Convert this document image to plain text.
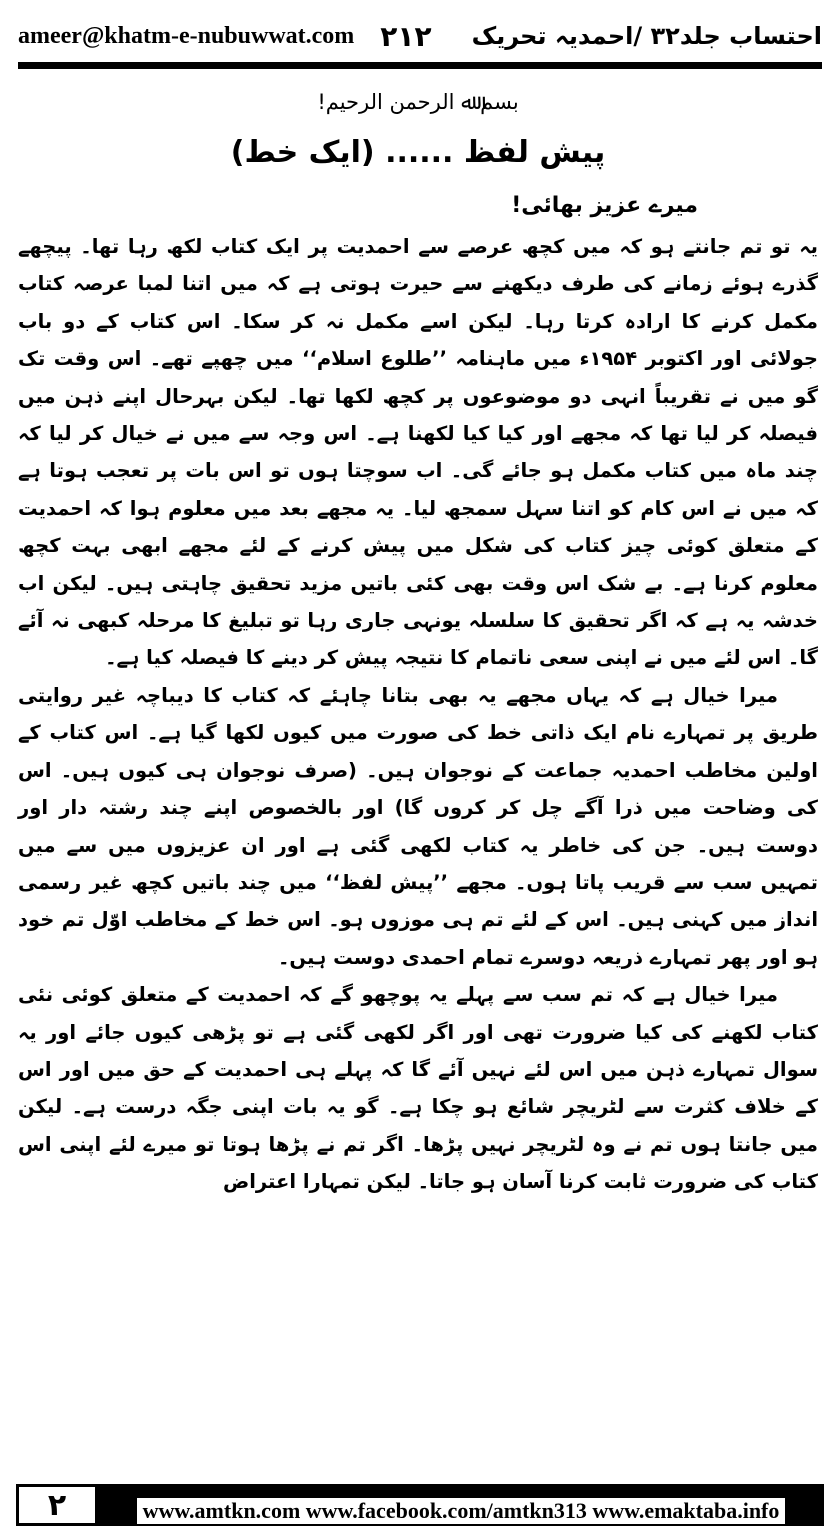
ameer@khatm-e-nubuwwat.com ۲۱۲ احتساب جلد۳۲ /احمدیہ تحریک
بسم ﷲ الرحمن الرحیم!
پیش لفظ ...... (ایک خط)
میرے عزیز بھائی!

یہ تو تم جانتے ہو کہ میں کچھ عرصے سے احمدیت پر ایک کتاب لکھ رہا تھا۔ پیچھے گذرے ہوئے زمانے کی طرف دیکھنے سے حیرت ہوتی ہے کہ میں اتنا لمبا عرصہ کتاب مکمل کرنے کا ارادہ کرتا رہا۔ لیکن اسے مکمل نہ کر سکا۔ اس کتاب کے دو باب جولائی اور اکتوبر ۱۹۵۴ء میں ماہنامہ ’’طلوع اسلام‘‘ میں چھپے تھے۔ اس وقت تک گو میں نے تقریباً انہی دو موضوعوں پر کچھ لکھا تھا۔ لیکن بہرحال اپنے ذہن میں فیصلہ کر لیا تھا کہ مجھے اور کیا کیا لکھنا ہے۔ اس وجہ سے میں نے خیال کر لیا کہ چند ماہ میں کتاب مکمل ہو جائے گی۔ اب سوچتا ہوں تو اس بات پر تعجب ہوتا ہے کہ میں نے اس کام کو اتنا سہل سمجھ لیا۔ یہ مجھے بعد میں معلوم ہوا کہ احمدیت کے متعلق کوئی چیز کتاب کی شکل میں پیش کرنے کے لئے مجھے ابھی بہت کچھ معلوم کرنا ہے۔ بے شک اس وقت بھی کئی باتیں مزید تحقیق چاہتی ہیں۔ لیکن اب خدشہ یہ ہے کہ اگر تحقیق کا سلسلہ یونہی جاری رہا تو تبلیغ کا مرحلہ کبھی نہ آئے گا۔ اس لئے میں نے اپنی سعی ناتمام کا نتیجہ پیش کر دینے کا فیصلہ کیا ہے۔

میرا خیال ہے کہ یہاں مجھے یہ بھی بتانا چاہئے کہ کتاب کا دیباچہ غیر روایتی طریق پر تمہارے نام ایک ذاتی خط کی صورت میں کیوں لکھا گیا ہے۔ اس کتاب کے اولین مخاطب احمدیہ جماعت کے نوجوان ہیں۔ (صرف نوجوان ہی کیوں ہیں۔ اس کی وضاحت میں ذرا آگے چل کر کروں گا) اور بالخصوص اپنے چند رشتہ دار اور دوست ہیں۔ جن کی خاطر یہ کتاب لکھی گئی ہے اور ان عزیزوں میں سے میں تمہیں سب سے قریب پاتا ہوں۔ مجھے ’’پیش لفظ‘‘ میں چند باتیں کچھ غیر رسمی انداز میں کہنی ہیں۔ اس کے لئے تم ہی موزوں ہو۔ اس خط کے مخاطب اوّل تم خود ہو اور پھر تمہارے ذریعہ دوسرے تمام احمدی دوست ہیں۔

میرا خیال ہے کہ تم سب سے پہلے یہ پوچھو گے کہ احمدیت کے متعلق کوئی نئی کتاب لکھنے کی کیا ضرورت تھی اور اگر لکھی گئی ہے تو پڑھی کیوں جائے اور یہ سوال تمہارے ذہن میں اس لئے نہیں آئے گا کہ پہلے ہی احمدیت کے حق میں اور اس کے خلاف کثرت سے لٹریچر شائع ہو چکا ہے۔ گو یہ بات اپنی جگہ درست ہے۔ لیکن میں جانتا ہوں تم نے وہ لٹریچر نہیں پڑھا۔ اگر تم نے پڑھا ہوتا تو میرے لئے اپنی اس کتاب کی ضرورت ثابت کرنا آسان ہو جاتا۔ لیکن تمہارا اعتراض

۲	www.amtkn.com www.facebook.com/amtkn313 www.emaktaba.info
